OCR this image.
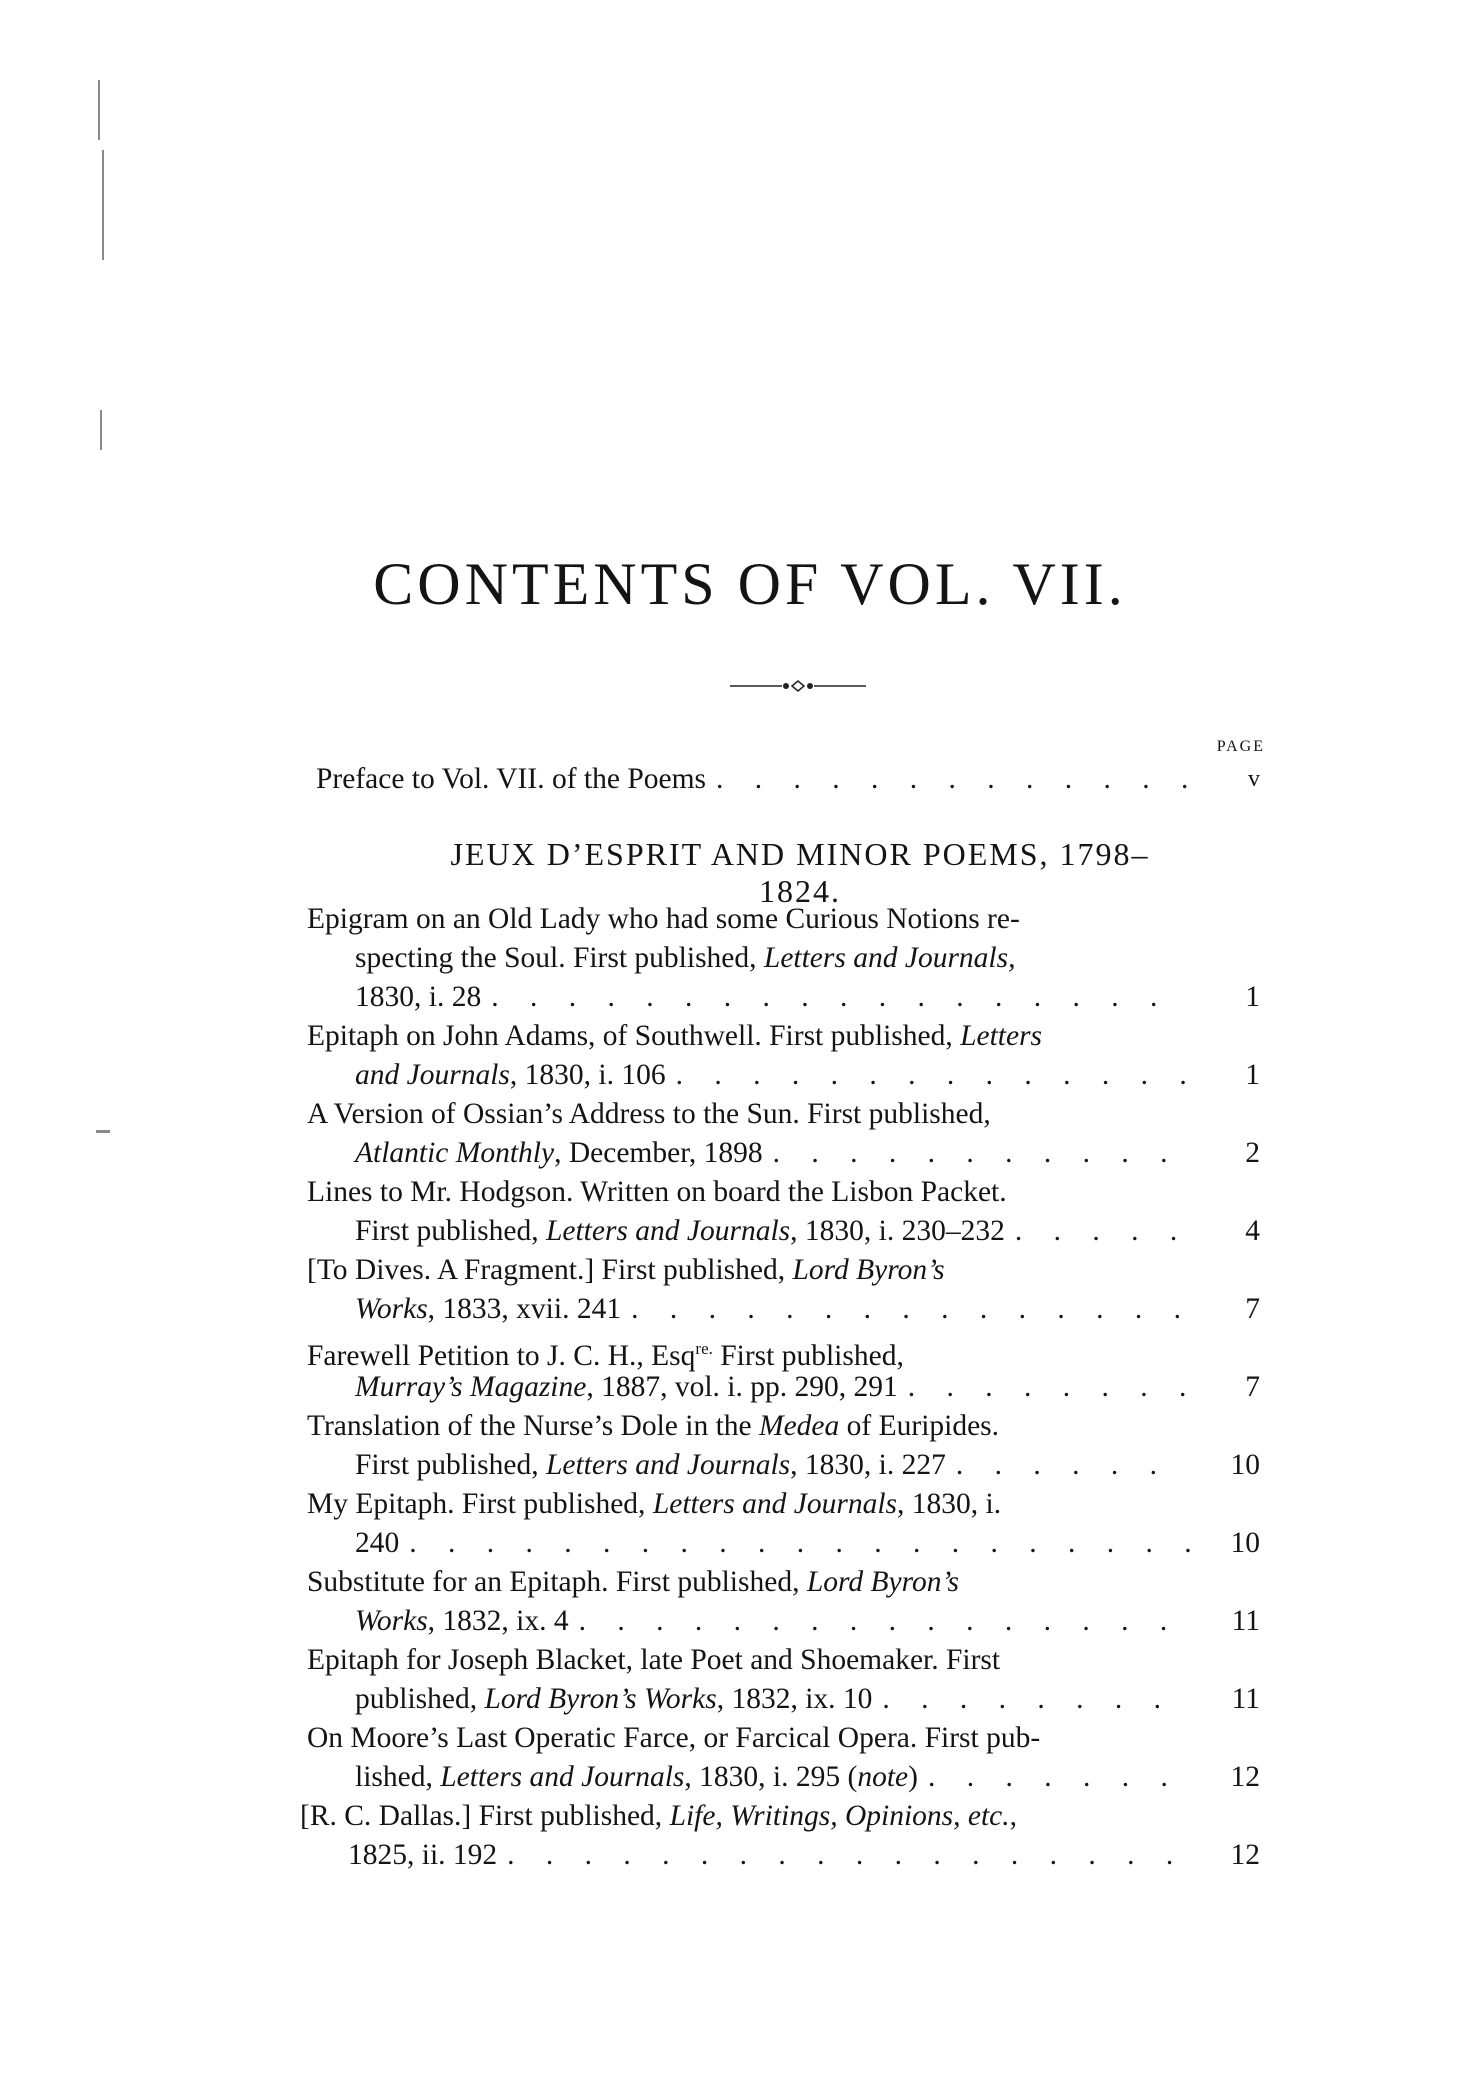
CONTENTS OF VOL. VII.
PAGE
Preface to Vol. VII. of the Poems . . .	v
JEUX D’ESPRIT AND MINOR POEMS, 1798–1824.
Epigram on an Old Lady who had some Curious Notions re-
specting the Soul. First published, Letters and Journals,
1830, i. 28 . . .	1
Epitaph on John Adams, of Southwell. First published, Letters
and Journals, 1830, i. 106 . . .	1
A Version of Ossian’s Address to the Sun. First published,
Atlantic Monthly, December, 1898 . . .	2
Lines to Mr. Hodgson. Written on board the Lisbon Packet.
First published, Letters and Journals, 1830, i. 230–232 . . .	4
[To Dives. A Fragment.] First published, Lord Byron’s
Works, 1833, xvii. 241 . . .	7
Farewell Petition to J. C. H., Esq$^{re.}$ First published,
Murray’s Magazine, 1887, vol. i. pp. 290, 291 . . .	7
Translation of the Nurse’s Dole in the Medea of Euripides.
First published, Letters and Journals, 1830, i. 227 . . .	10
My Epitaph. First published, Letters and Journals, 1830, i.
240 . . .	10
Substitute for an Epitaph. First published, Lord Byron’s
Works, 1832, ix. 4 . . .	11
Epitaph for Joseph Blacket, late Poet and Shoemaker. First
published, Lord Byron’s Works, 1832, ix. 10 . . .	11
On Moore’s Last Operatic Farce, or Farcical Opera. First pub-
lished, Letters and Journals, 1830, i. 295 (note) . . .	12
[R. C. Dallas.] First published, Life, Writings, Opinions, etc.,
1825, ii. 192 . . .	12
